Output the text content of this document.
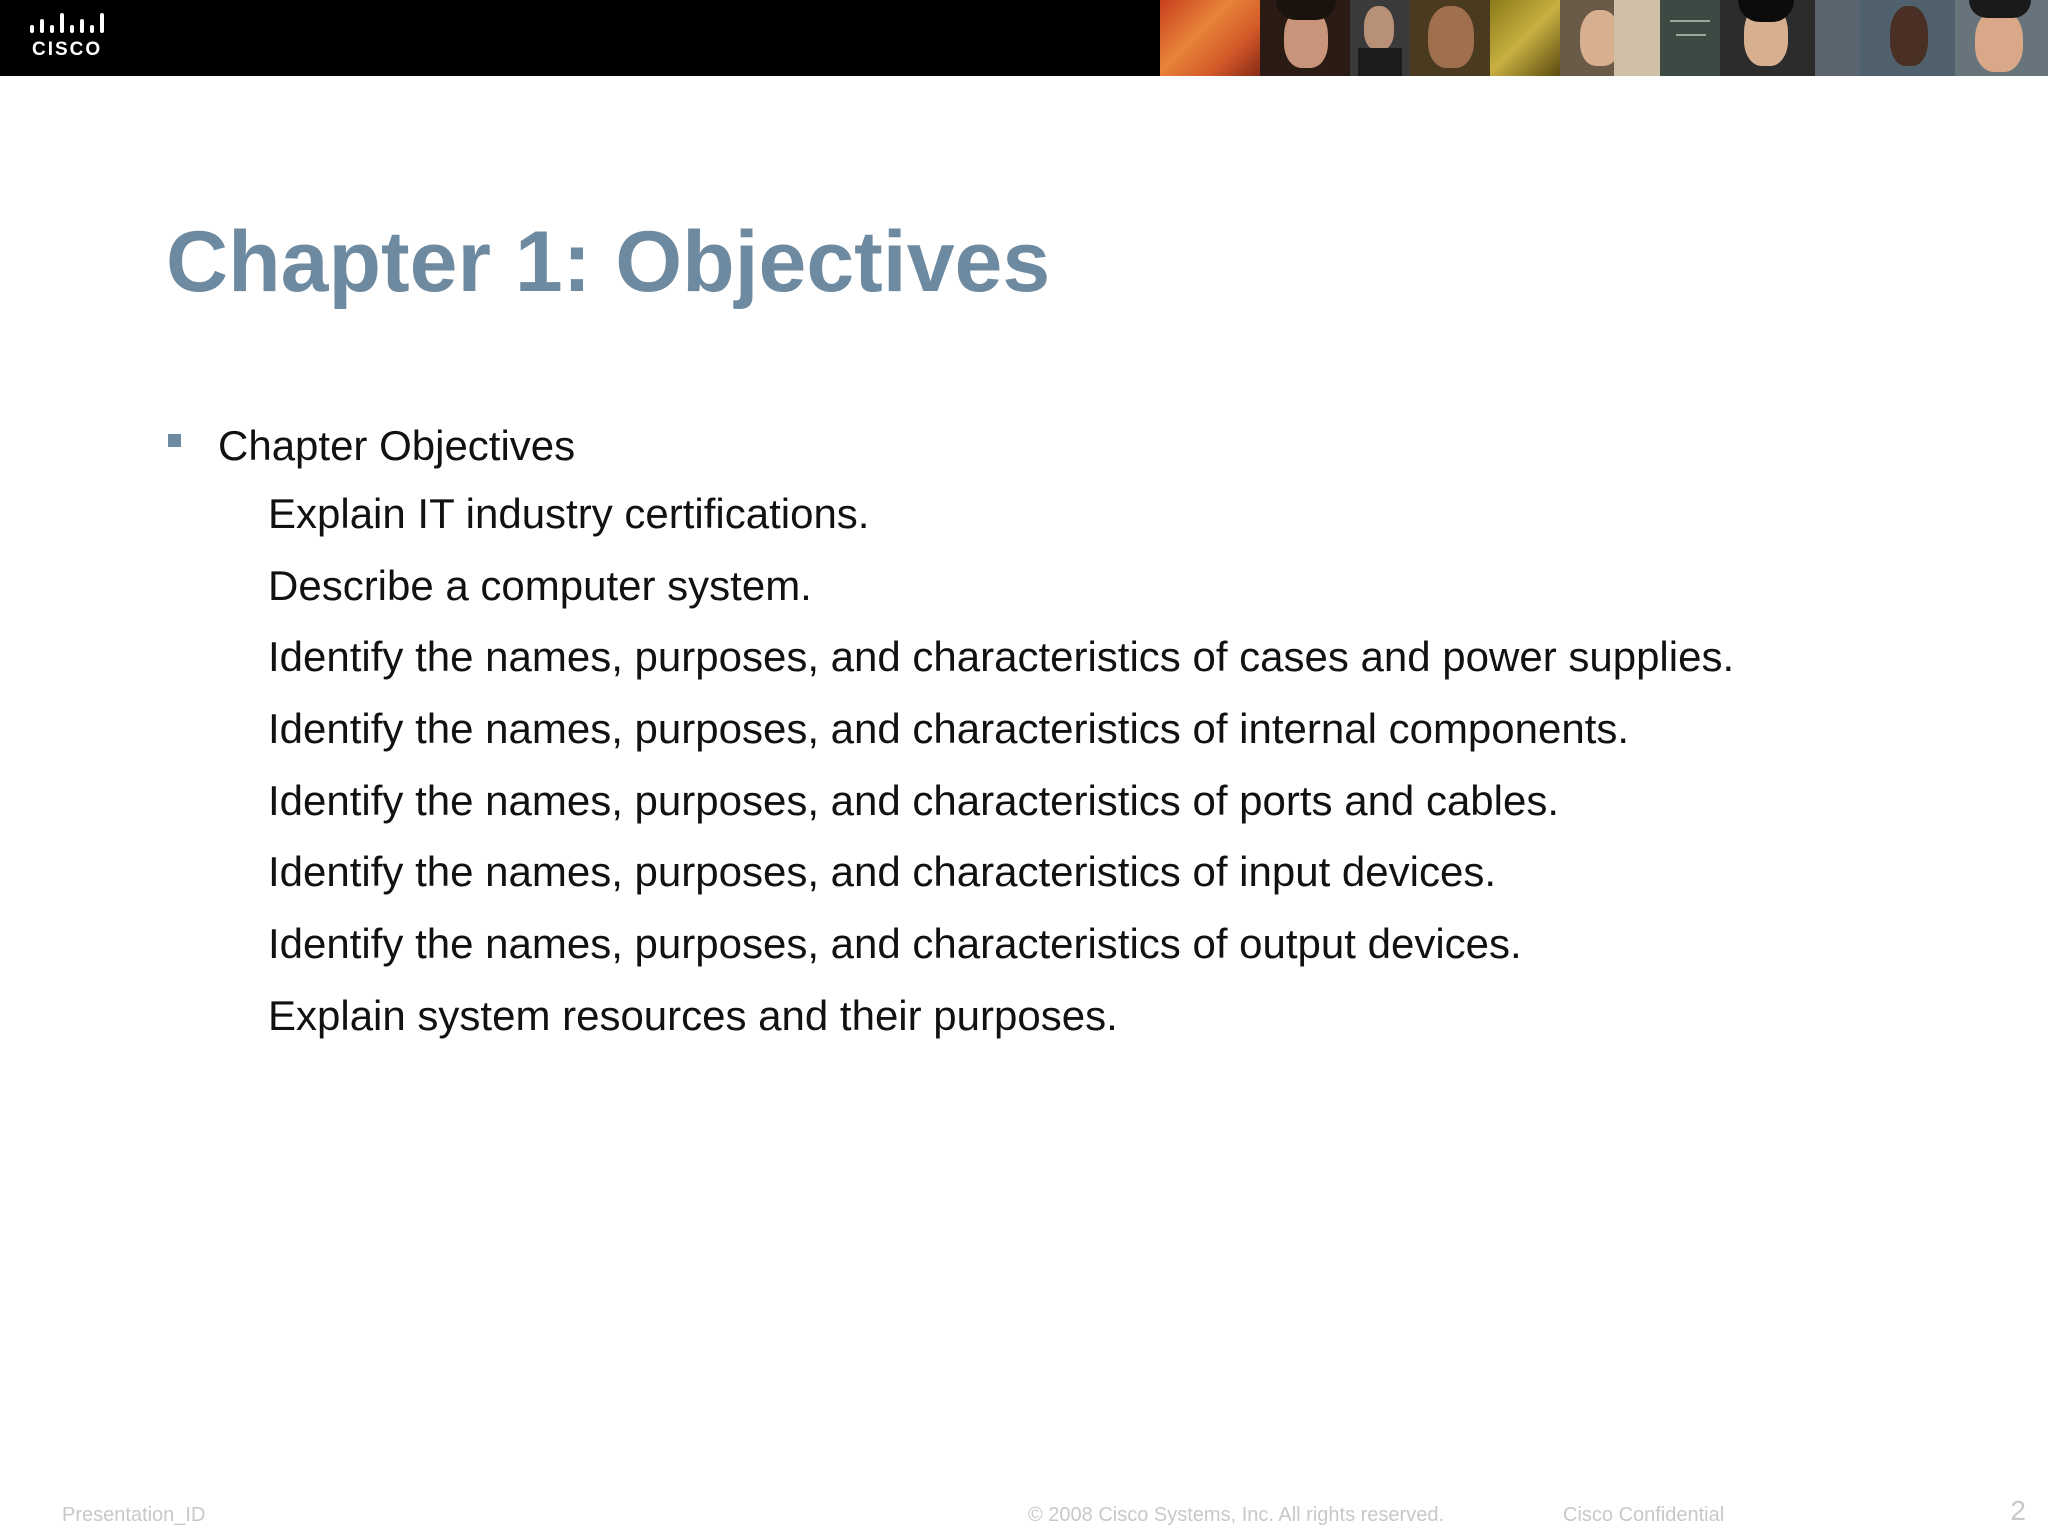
CISCO
Chapter 1: Objectives
Chapter Objectives
Explain IT industry certifications.
Describe a computer system.
Identify the names, purposes, and characteristics of cases and power supplies.
Identify the names, purposes, and characteristics of internal components.
Identify the names, purposes, and characteristics of ports and cables.
Identify the names, purposes, and characteristics of input devices.
Identify the names, purposes, and characteristics of output devices.
Explain system resources and their purposes.
Presentation_ID	© 2008 Cisco Systems, Inc. All rights reserved.	Cisco Confidential	2
